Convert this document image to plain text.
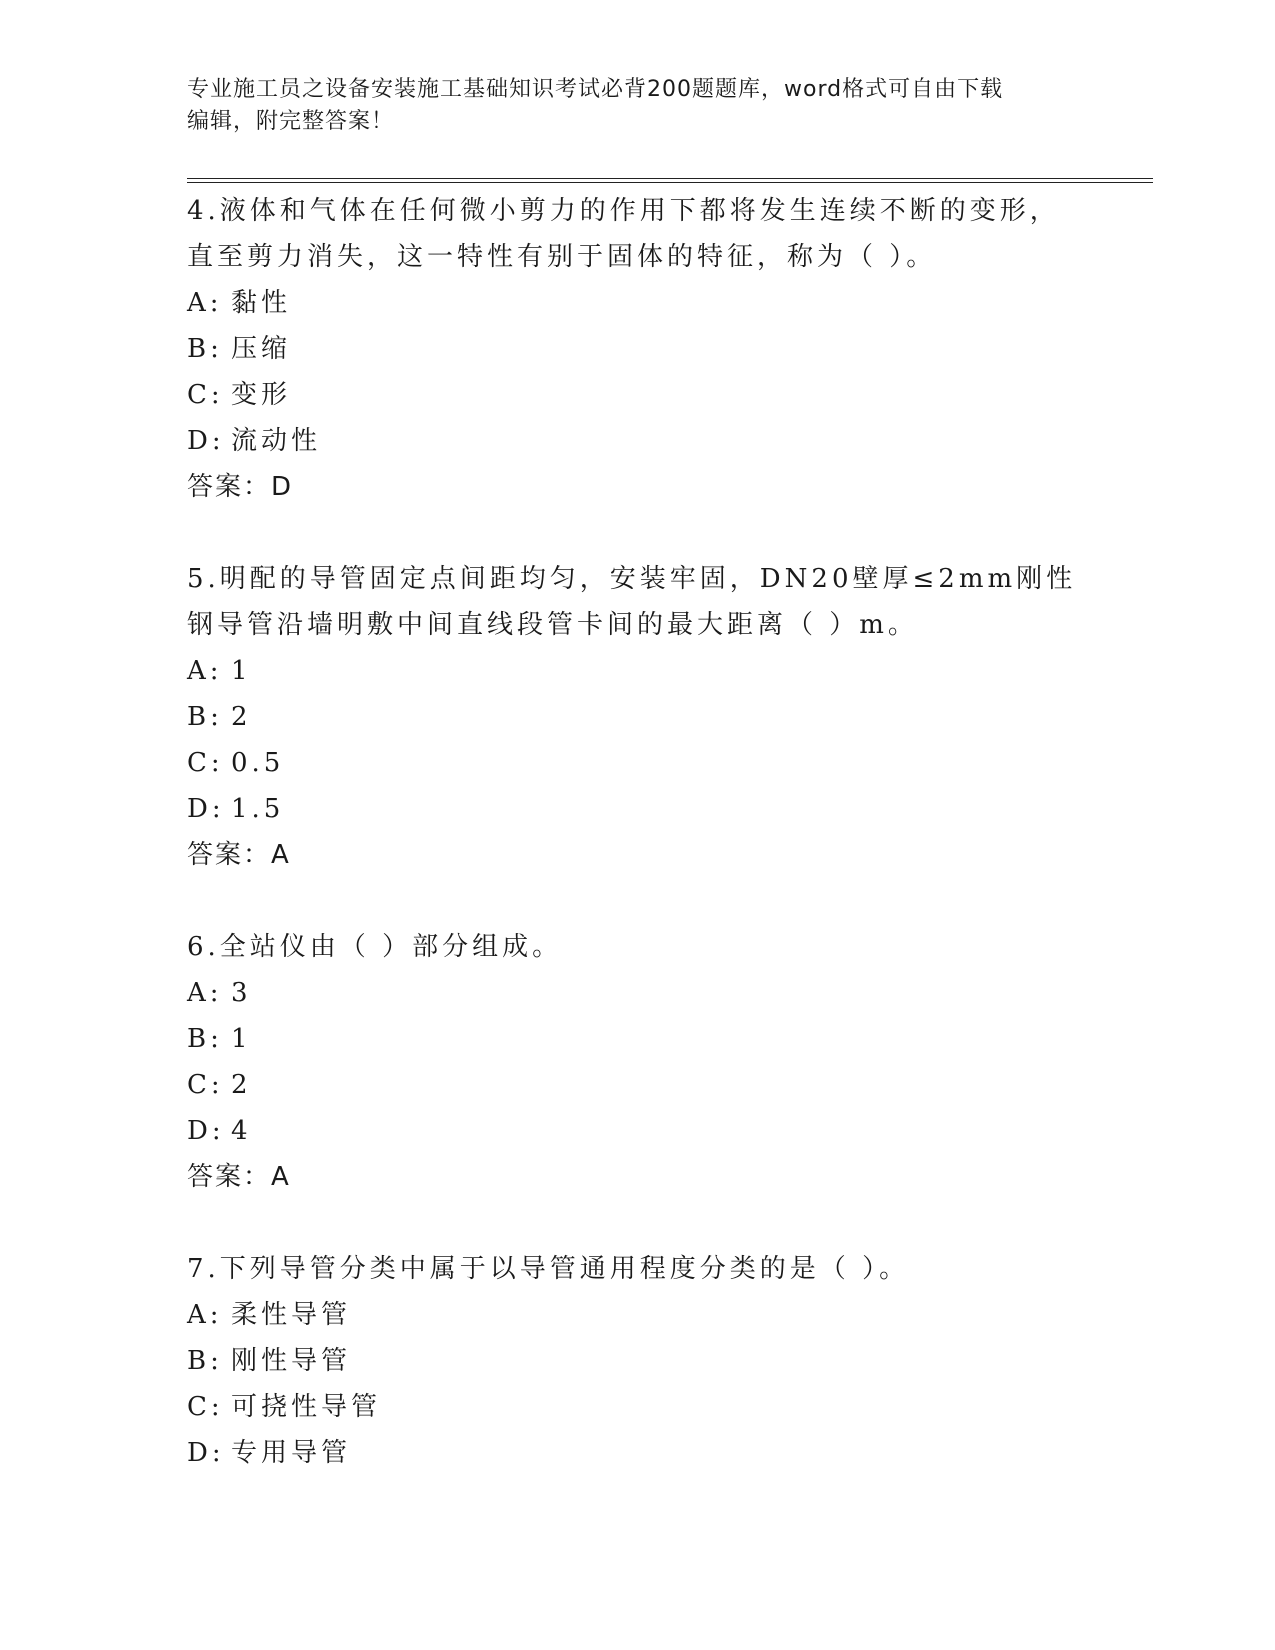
专业施工员之设备安装施工基础知识考试必背200题题库，word格式可自由下载
编辑，附完整答案！

4.液体和气体在任何微小剪力的作用下都将发生连续不断的变形，直至剪力消失，这一特性有别于固体的特征，称为（ ）。

A: 黏性

B: 压缩

C: 变形

D: 流动性

答案：D

5.明配的导管固定点间距均匀，安装牢固，DN20壁厚≤2mm刚性钢导管沿墙明敷中间直线段管卡间的最大距离（ ）m。

A: 1

B: 2

C: 0.5

D: 1.5

答案：A

6.全站仪由（ ）部分组成。

A: 3

B: 1

C: 2

D: 4

答案：A

7.下列导管分类中属于以导管通用程度分类的是（ ）。

A: 柔性导管

B: 刚性导管

C: 可挠性导管

D: 专用导管
